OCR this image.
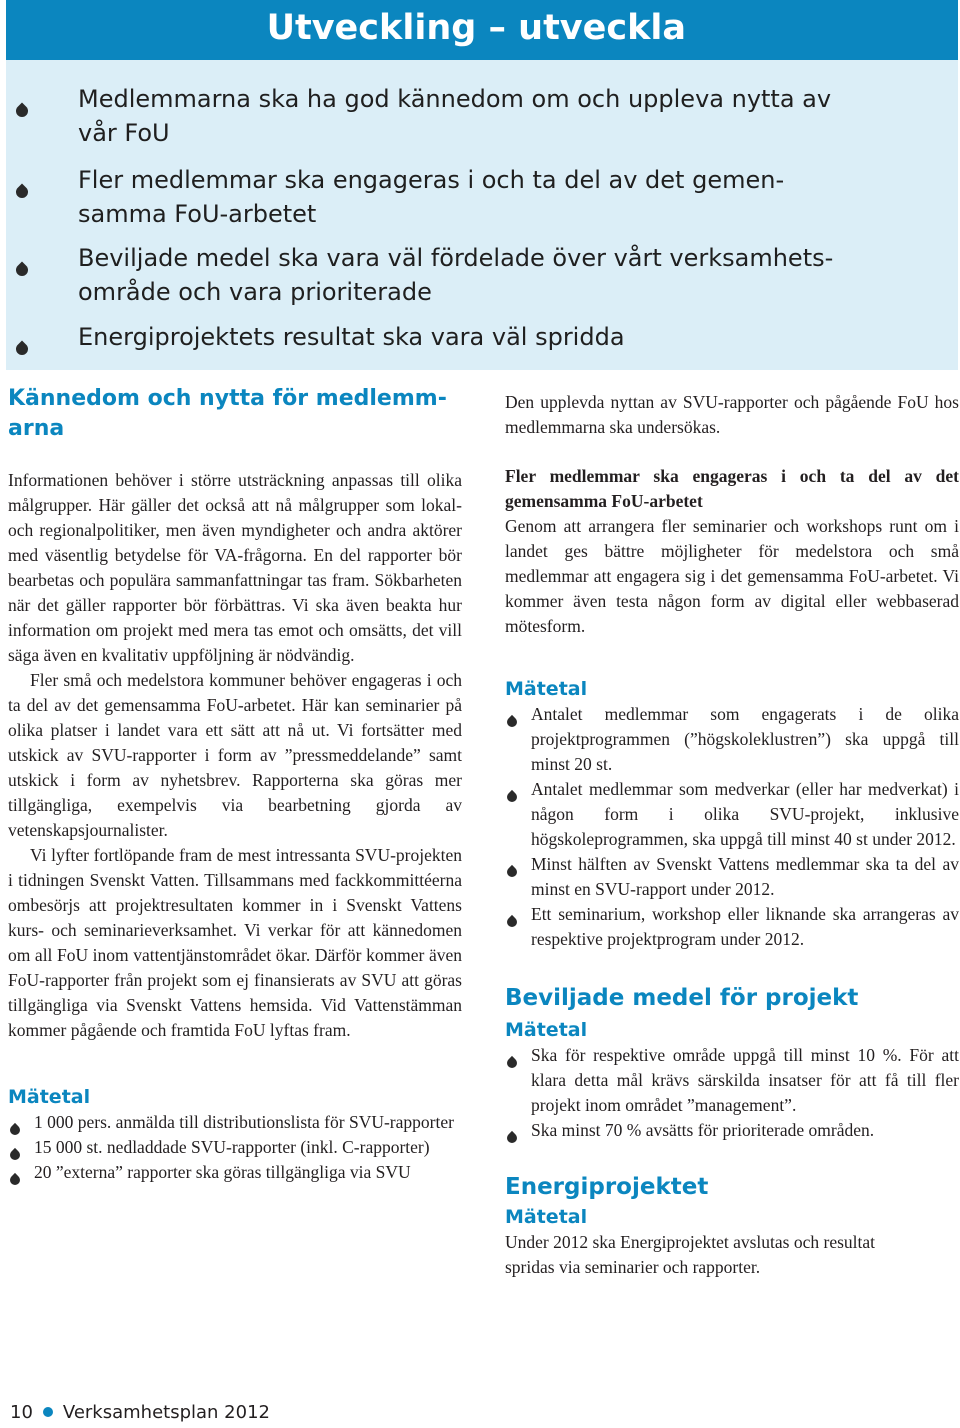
Utveckling – utveckla
Medlemmarna ska ha god kännedom om och uppleva nytta av
vår FoU
Fler medlemmar ska engageras i och ta del av det gemen-
samma FoU-arbetet
Beviljade medel ska vara väl fördelade över vårt verksamhets-
område och vara prioriterade
Energiprojektets resultat ska vara väl spridda
Kännedom och nytta för medlemm-
arna

Informationen behöver i större utsträckning anpassas till olika målgrupper. Här gäller det också att nå målgrupper som lokal- och regionalpolitiker, men även myndigheter och andra aktörer med väsentlig betydelse för VA-frågorna. En del rapporter bör bearbetas och populära sammanfattningar tas fram. Sökbarheten när det gäller rapporter bör förbättras. Vi ska även beakta hur information om projekt med mera tas emot och omsätts, det vill säga även en kvalitativ uppföljning är nödvändig.

Fler små och medelstora kommuner behöver engageras i och ta del av det gemensamma FoU-arbetet. Här kan seminarier på olika platser i landet vara ett sätt att nå ut. Vi fortsätter med utskick av SVU-rapporter i form av ”pressmeddelande” samt utskick i form av nyhetsbrev. Rapporterna ska göras mer tillgängliga, exempelvis via bearbetning gjorda av vetenskapsjournalister.

Vi lyfter fortlöpande fram de mest intressanta SVU-projekten i tidningen Svenskt Vatten. Tillsammans med fackkommittéerna ombesörjs att projektresultaten kommer in i Svenskt Vattens kurs- och seminarieverksamhet. Vi verkar för att kännedomen om all FoU inom vattentjänstområdet ökar. Därför kommer även FoU-rapporter från projekt som ej finansierats av SVU att göras tillgängliga via Svenskt Vattens hemsida. Vid Vattenstämman kommer pågående och framtida FoU lyftas fram.

Mätetal
1 000 pers. anmälda till distributionslista för SVU-rapporter
15 000 st. nedladdade SVU-rapporter (inkl. C-rapporter)
20 ”externa” rapporter ska göras tillgängliga via SVU

Den upplevda nyttan av SVU-rapporter och pågående FoU hos medlemmarna ska undersökas.

Fler medlemmar ska engageras i och ta del av det gemensamma FoU-arbetet

Genom att arrangera fler seminarier och workshops runt om i landet ges bättre möjligheter för medelstora och små medlemmar att engagera sig i det gemensamma FoU-arbetet. Vi kommer även testa någon form av digital eller webbaserad mötesform.

Mätetal
Antalet medlemmar som engagerats i de olika projektprogrammen (”högskoleklustren”) ska uppgå till minst 20 st.
Antalet medlemmar som medverkar (eller har medverkat) i någon form i olika SVU-projekt, inklusive högskoleprogrammen, ska uppgå till minst 40 st under 2012.
Minst hälften av Svenskt Vattens medlemmar ska ta del av minst en SVU-rapport under 2012.
Ett seminarium, workshop eller liknande ska arrangeras av respektive projektprogram under 2012.
Beviljade medel för projekt
Mätetal
Ska för respektive område uppgå till minst 10 %. För att klara detta mål krävs särskilda insatser för att få till fler projekt inom området ”management”.
Ska minst 70 % avsätts för prioriterade områden.
Energiprojektet
Mätetal

Under 2012 ska Energiprojektet avslutas och resultat
spridas via seminarier och rapporter.

10 Verksamhetsplan 2012
